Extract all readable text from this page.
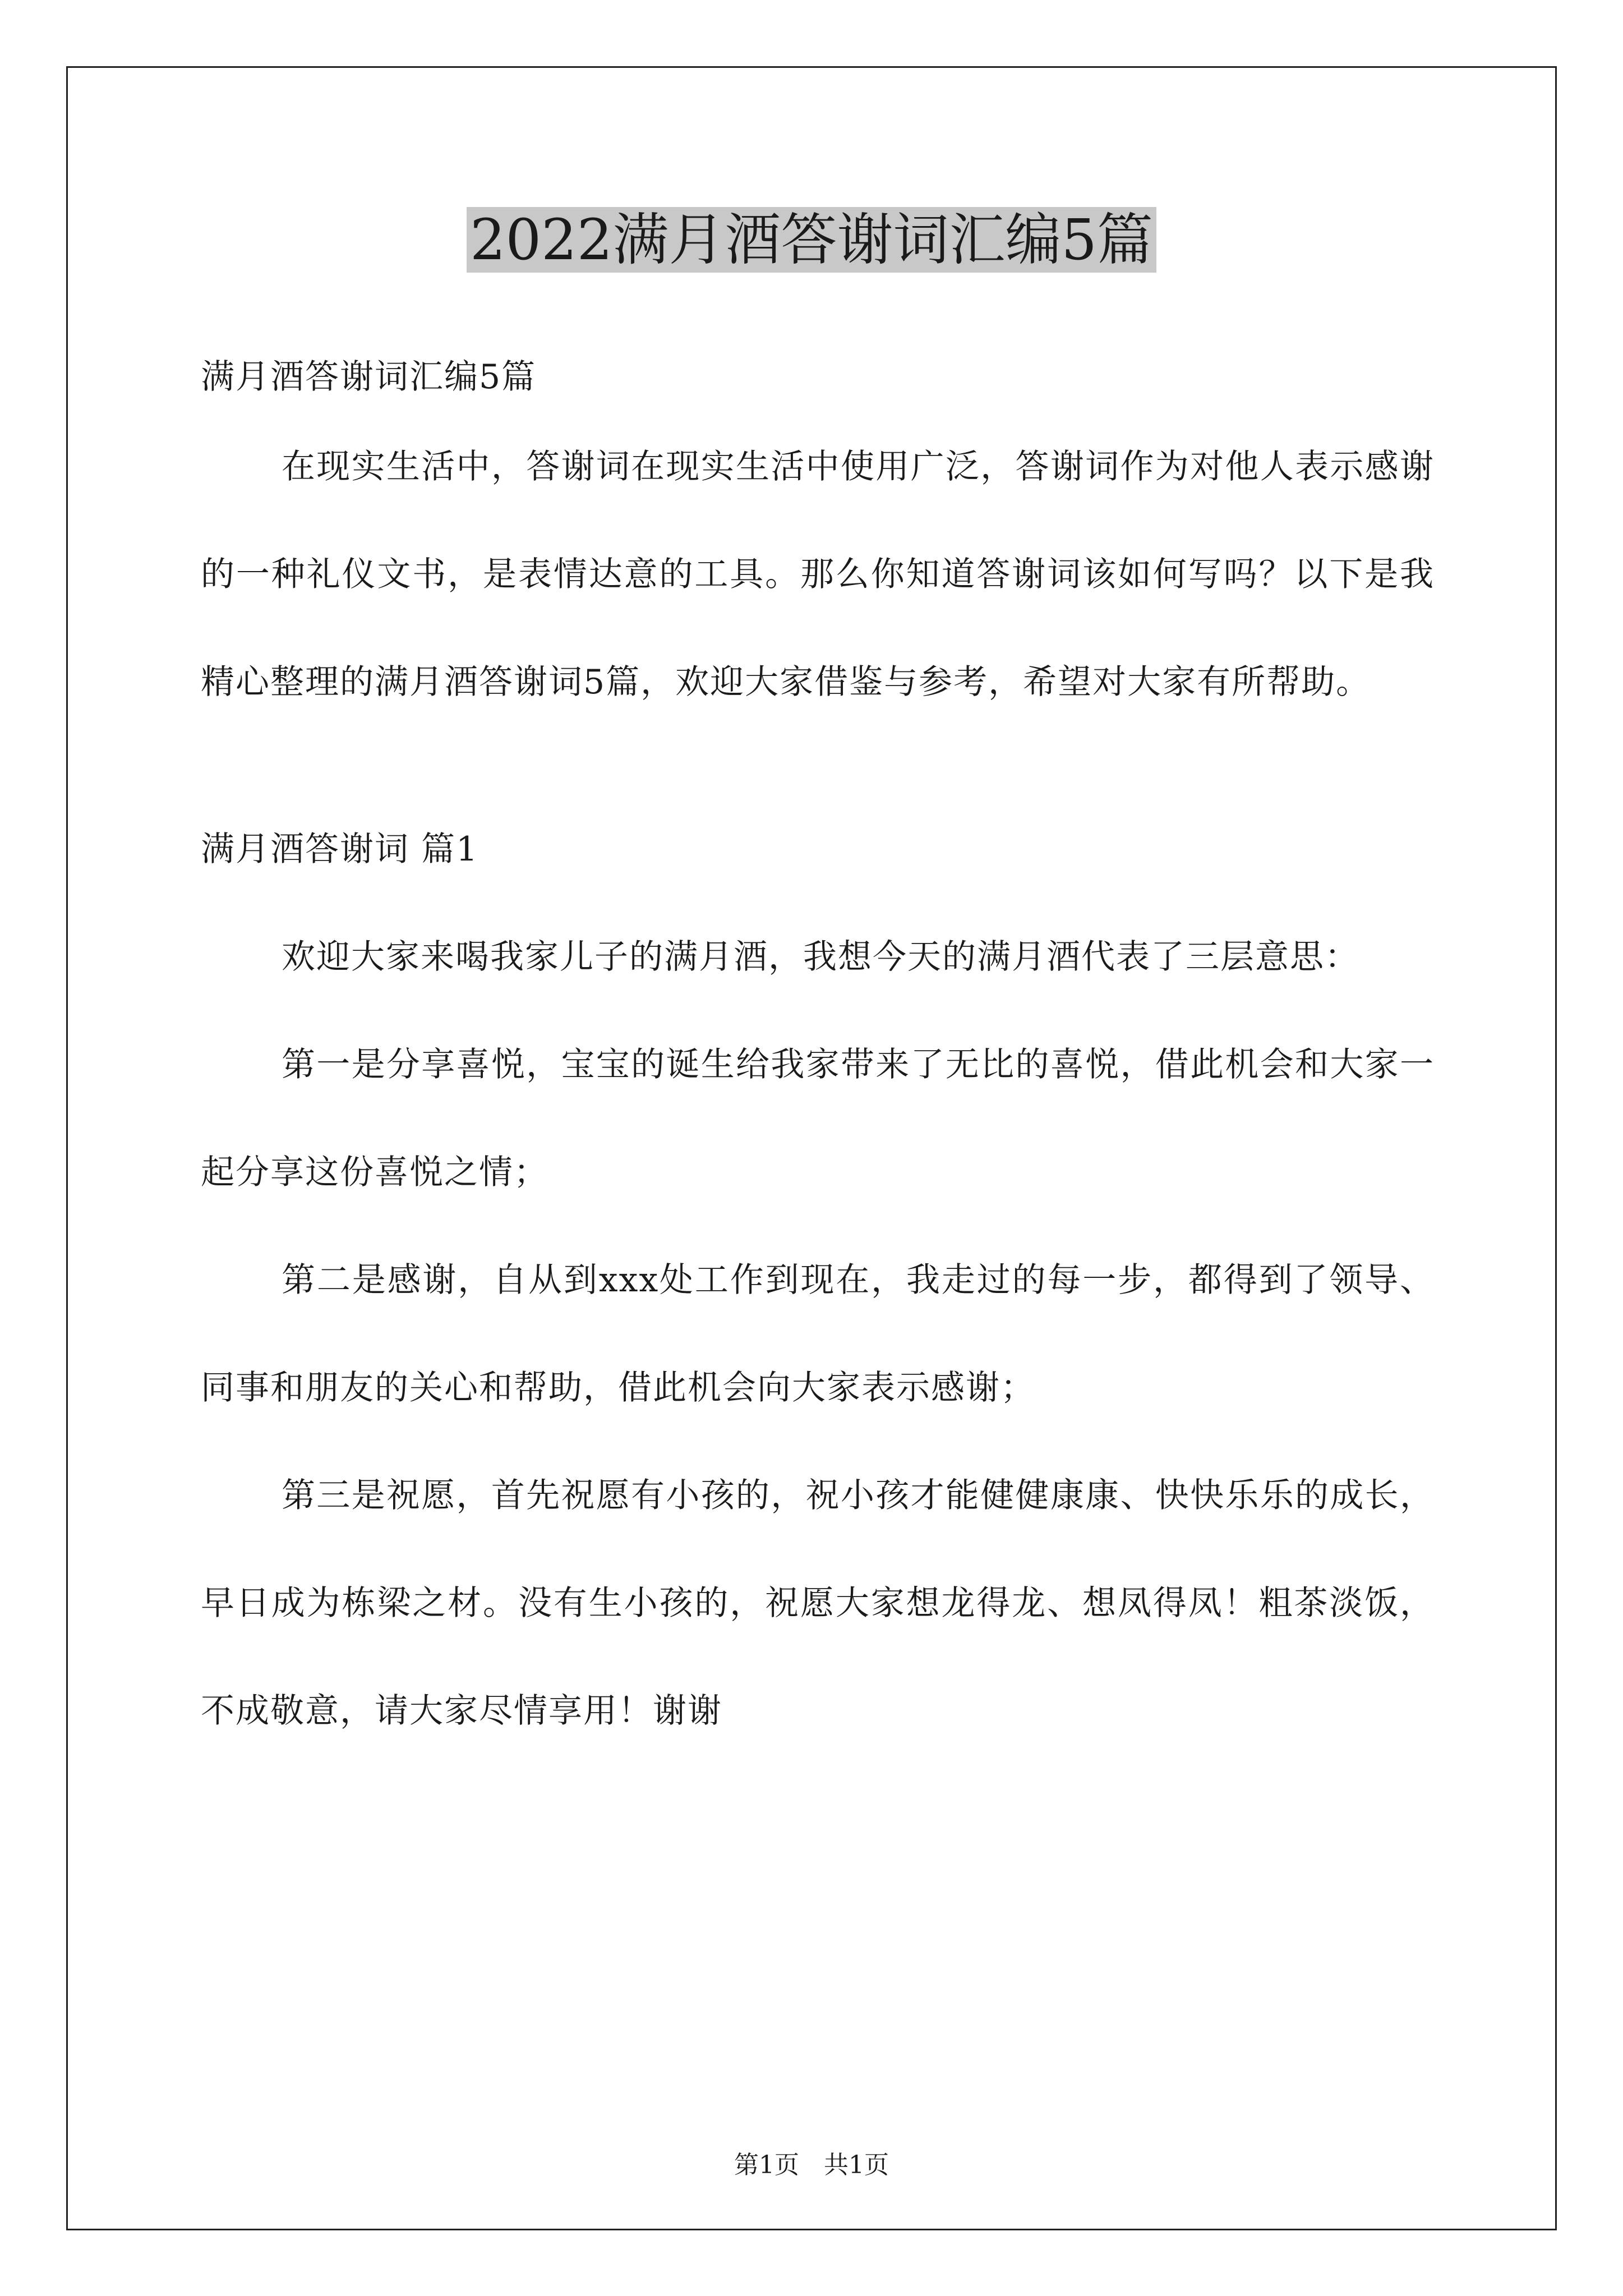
2022满月酒答谢词汇编5篇

满月酒答谢词汇编5篇

在现实生活中，答谢词在现实生活中使用广泛，答谢词作为对他人表示感谢的一种礼仪文书，是表情达意的工具。那么你知道答谢词该如何写吗？以下是我精心整理的满月酒答谢词5篇，欢迎大家借鉴与参考，希望对大家有所帮助。

满月酒答谢词 篇1

欢迎大家来喝我家儿子的满月酒，我想今天的满月酒代表了三层意思：

第一是分享喜悦，宝宝的诞生给我家带来了无比的喜悦，借此机会和大家一起分享这份喜悦之情；

第二是感谢，自从到xxx处工作到现在，我走过的每一步，都得到了领导、同事和朋友的关心和帮助，借此机会向大家表示感谢；

第三是祝愿，首先祝愿有小孩的，祝小孩才能健健康康、快快乐乐的成长，早日成为栋梁之材。没有生小孩的，祝愿大家想龙得龙、想凤得凤！粗茶淡饭，不成敬意，请大家尽情享用！谢谢

第1页　共1页
